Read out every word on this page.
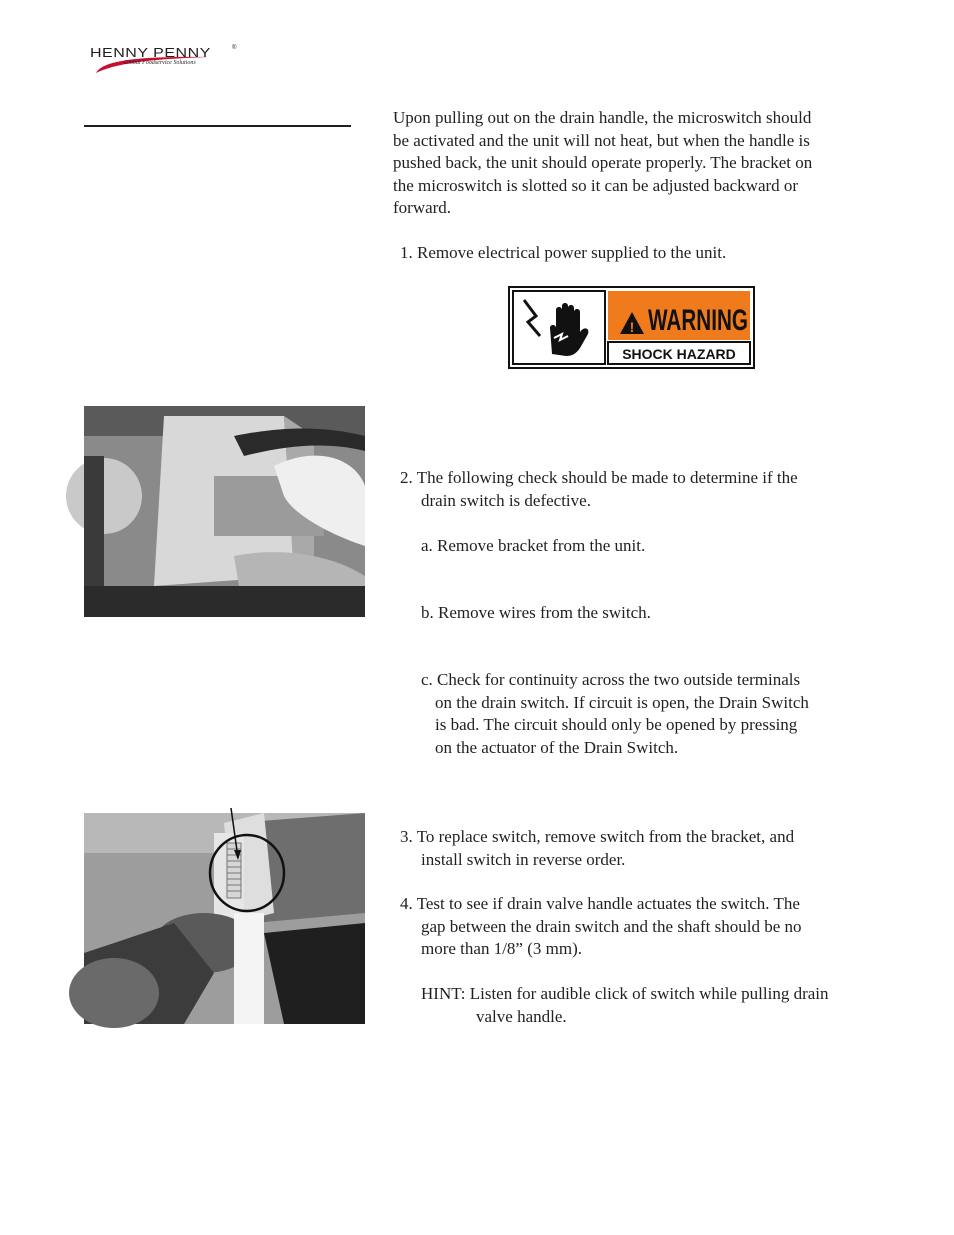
HENNY PENNY	®
Global Foodservice Solutions
Upon pulling out on the drain handle, the microswitch should
be activated and the unit will not heat, but when the handle is
pushed back, the unit should operate properly. The bracket on
the microswitch is slotted so it can be adjusted backward or
forward.
1. Remove electrical power supplied to the unit.
! WARNING
SHOCK HAZARD
2. The following check should be made to determine if the
drain switch is defective.
a. Remove bracket from the unit.
b. Remove wires from the switch.
c. Check for continuity across the two outside terminals
on the drain switch. If circuit is open, the Drain Switch
is bad. The circuit should only be opened by pressing
on the actuator of the Drain Switch.
3. To replace switch, remove switch from the bracket, and
install switch in reverse order.
4. Test to see if drain valve handle actuates the switch. The
gap between the drain switch and the shaft should be no
more than 1/8” (3 mm).
HINT: Listen for audible click of switch while pulling drain
valve handle.
